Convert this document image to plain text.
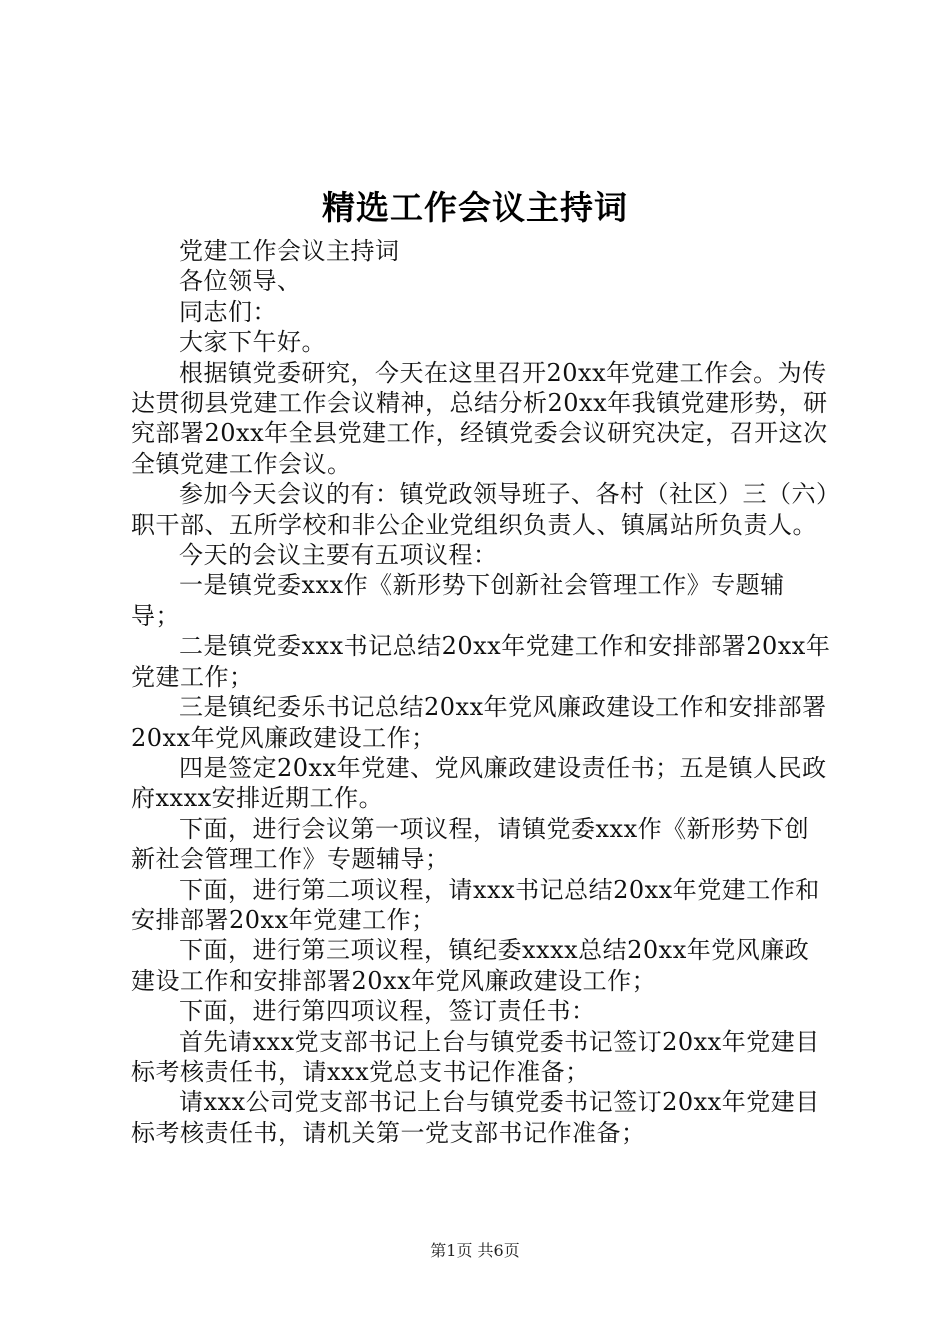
精选工作会议主持词

党建工作会议主持词

各位领导、

同志们：

大家下午好。

根据镇党委研究，今天在这里召开20xx年党建工作会。为传达贯彻县党建工作会议精神，总结分析20xx年我镇党建形势，研究部署20xx年全县党建工作，经镇党委会议研究决定，召开这次全镇党建工作会议。

参加今天会议的有：镇党政领导班子、各村（社区）三（六）职干部、五所学校和非公企业党组织负责人、镇属站所负责人。

今天的会议主要有五项议程：

一是镇党委xxx作《新形势下创新社会管理工作》专题辅导；

二是镇党委xxx书记总结20xx年党建工作和安排部署20xx年党建工作；

三是镇纪委乐书记总结20xx年党风廉政建设工作和安排部署20xx年党风廉政建设工作；

四是签定20xx年党建、党风廉政建设责任书；五是镇人民政府xxxx安排近期工作。

下面，进行会议第一项议程，请镇党委xxx作《新形势下创新社会管理工作》专题辅导；

下面，进行第二项议程，请xxx书记总结20xx年党建工作和安排部署20xx年党建工作；

下面，进行第三项议程，镇纪委xxxx总结20xx年党风廉政建设工作和安排部署20xx年党风廉政建设工作；

下面，进行第四项议程，签订责任书：

首先请xxx党支部书记上台与镇党委书记签订20xx年党建目标考核责任书，请xxx党总支书记作准备；

请xxx公司党支部书记上台与镇党委书记签订20xx年党建目标考核责任书，请机关第一党支部书记作准备；

第1页 共6页
